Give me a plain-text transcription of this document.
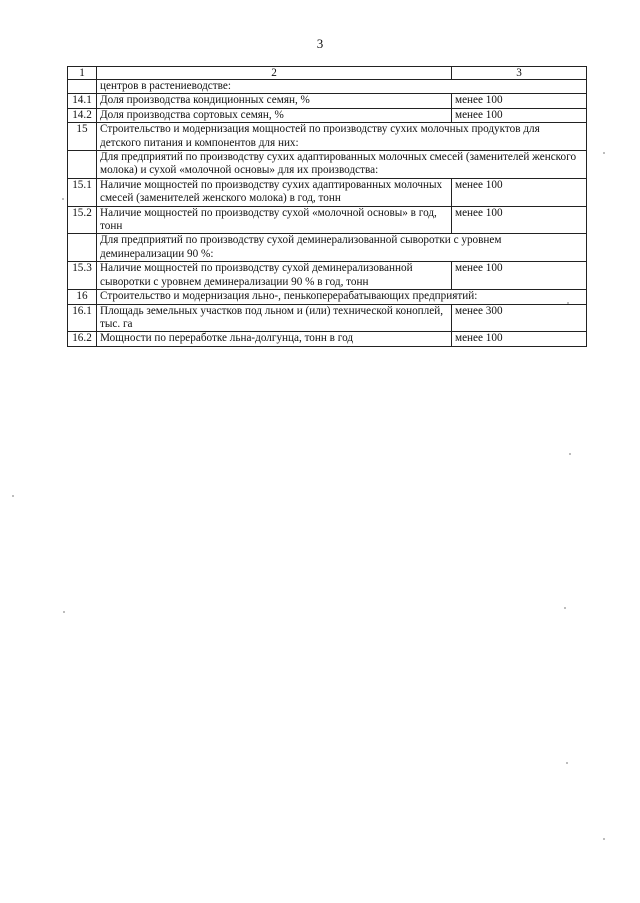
3
1	2	3
	центров в растениеводстве:	
14.1	Доля производства кондиционных семян, %	менее 100
14.2	Доля производства сортовых семян, %	менее 100
15	Строительство и модернизация мощностей по производству сухих молочных продуктов для детского питания и компонентов для них:	
	Для предприятий по производству сухих адаптированных молочных смесей (заменителей женского молока) и сухой «молочной основы» для их производства:	
15.1	Наличие мощностей по производству сухих адаптированных молочных смесей (заменителей женского молока) в год, тонн	менее 100
15.2	Наличие мощностей по производству сухой «молочной основы» в год, тонн	менее 100
	Для предприятий по производству сухой деминерализованной сыворотки с уровнем деминерализации 90 %:	
15.3	Наличие мощностей по производству сухой деминерализованной сыворотки с уровнем деминерализации 90 % в год, тонн	менее 100
16	Строительство и модернизация льно-, пенькоперерабатывающих предприятий:	
16.1	Площадь земельных участков под льном и (или) технической коноплей, тыс. га	менее 300
16.2	Мощности по переработке льна-долгунца, тонн в год	менее 100
